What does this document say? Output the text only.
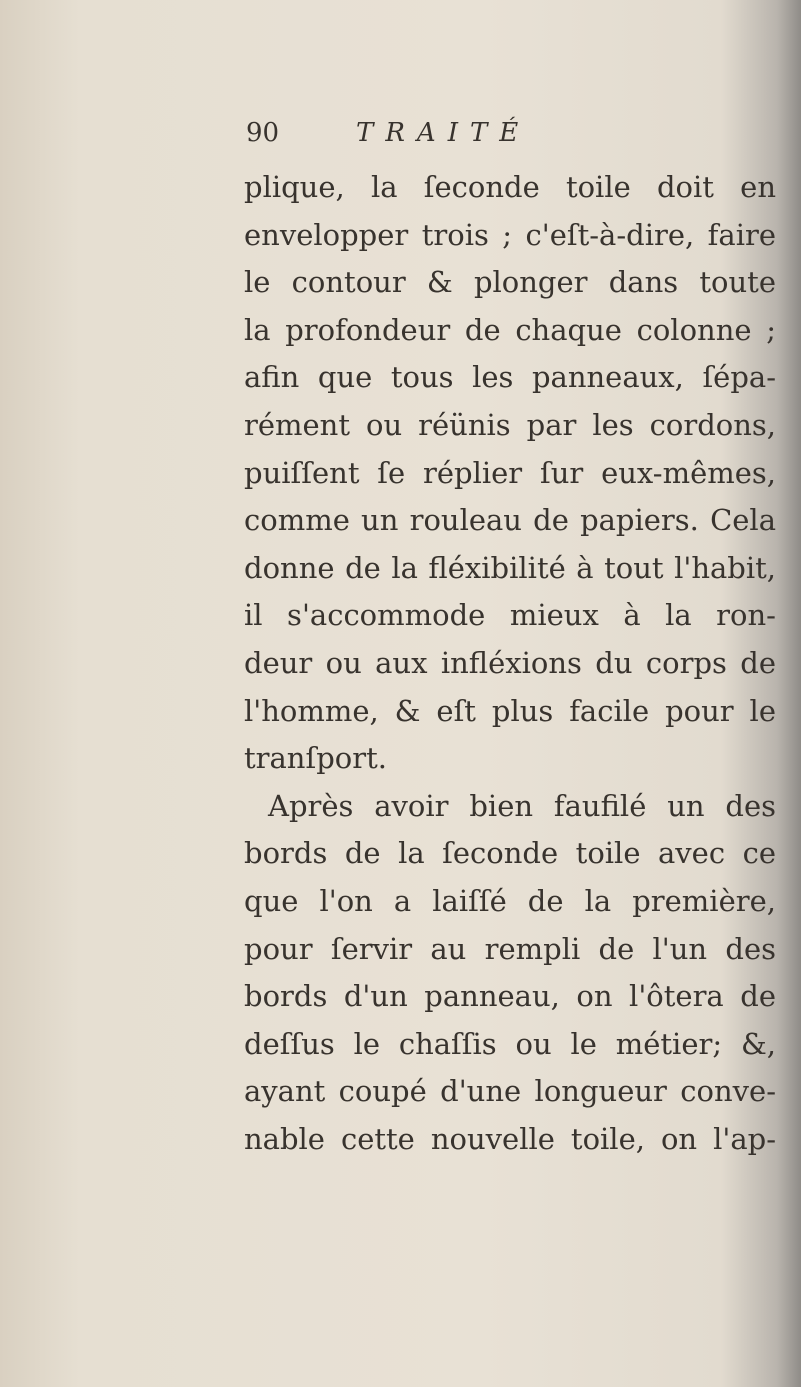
90	TRAITÉ
plique, la ſeconde toile doit en
envelopper trois ; c'eſt-à-dire, faire
le contour & plonger dans toute
la profondeur de chaque colonne ;
afin que tous les panneaux, ſépa-
rément ou réünis par les cordons,
puiſſent ſe réplier ſur eux-mêmes,
comme un rouleau de papiers. Cela
donne de la fléxibilité à tout l'habit,
il s'accommode mieux à la ron-
deur ou aux infléxions du corps de
l'homme, & eſt plus facile pour le
tranſport.
Après avoir bien faufilé un des
bords de la ſeconde toile avec ce
que l'on a laiſſé de la première,
pour ſervir au rempli de l'un des
bords d'un panneau, on l'ôtera de
deſſus le chaſſis ou le métier; &,
ayant coupé d'une longueur conve-
nable cette nouvelle toile, on l'ap-
